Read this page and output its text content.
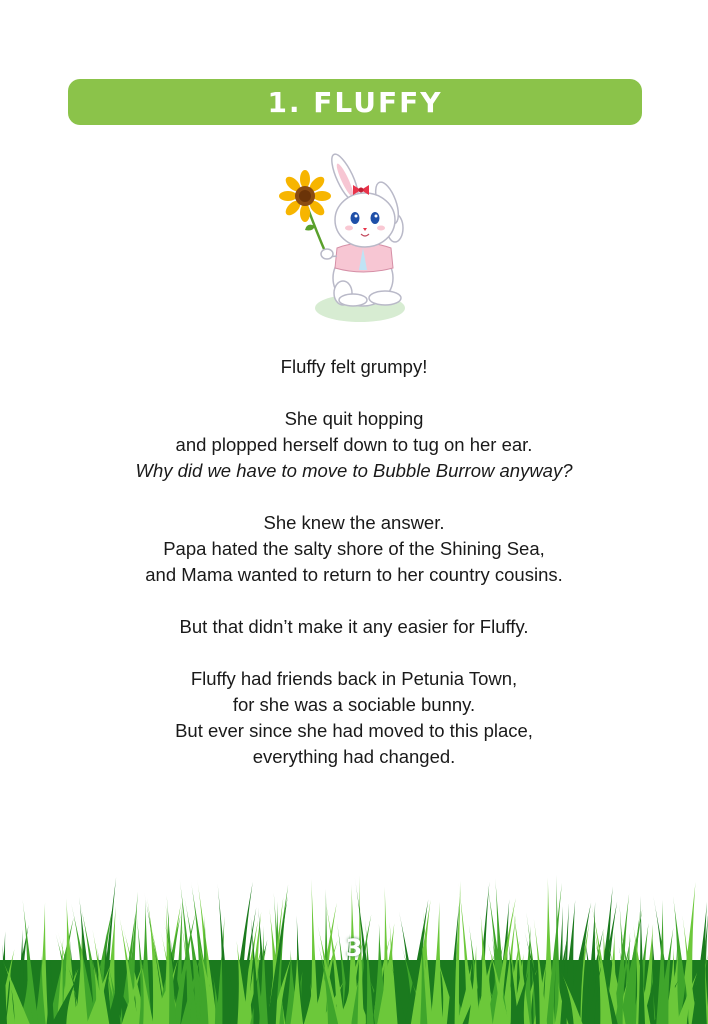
1. FLUFFY

Fluffy felt grumpy!

She quit hopping
and plopped herself down to tug on her ear.
Why did we have to move to Bubble Burrow anyway?

She knew the answer.
Papa hated the salty shore of the Shining Sea,
and Mama wanted to return to her country cousins.

But that didn’t make it any easier for Fluffy.

Fluffy had friends back in Petunia Town,
for she was a sociable bunny.
But ever since she had moved to this place,
everything had changed.

3
